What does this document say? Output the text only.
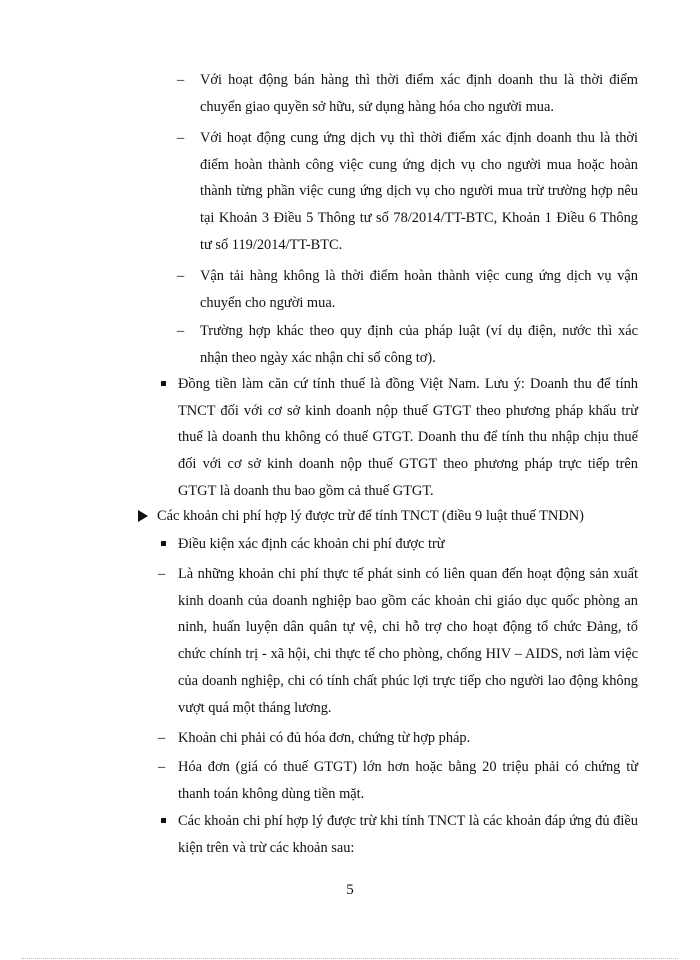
– Với hoạt động bán hàng thì thời điểm xác định doanh thu là thời điểm chuyển giao quyền sở hữu, sử dụng hàng hóa cho người mua.
– Với hoạt động cung ứng dịch vụ thì thời điểm xác định doanh thu là thời điểm hoàn thành công việc cung ứng dịch vụ cho người mua hoặc hoàn thành từng phần việc cung ứng dịch vụ cho người mua trừ trường hợp nêu tại Khoản 3 Điều 5 Thông tư số 78/2014/TT-BTC, Khoản 1 Điều 6 Thông tư số 119/2014/TT-BTC.
– Vận tải hàng không là thời điểm hoàn thành việc cung ứng dịch vụ vận chuyển cho người mua.
– Trường hợp khác theo quy định của pháp luật (ví dụ điện, nước thì xác nhận theo ngày xác nhận chỉ số công tơ).
Đồng tiền làm căn cứ tính thuế là đồng Việt Nam. Lưu ý: Doanh thu để tính TNCT đối với cơ sở kinh doanh nộp thuế GTGT theo phương pháp khấu trừ thuế là doanh thu không có thuế GTGT. Doanh thu để tính thu nhập chịu thuế đối với cơ sở kinh doanh nộp thuế GTGT theo phương pháp trực tiếp trên GTGT là doanh thu bao gồm cả thuế GTGT.
Các khoản chi phí hợp lý được trừ để tính TNCT (điều 9 luật thuế TNDN)
Điều kiện xác định các khoản chi phí được trừ
– Là những khoản chi phí thực tế phát sinh có liên quan đến hoạt động sản xuất kinh doanh của doanh nghiệp bao gồm các khoản chi giáo dục quốc phòng an ninh, huấn luyện dân quân tự vệ, chi hỗ trợ cho hoạt động tổ chức Đảng, tổ chức chính trị - xã hội, chi thực tế cho phòng, chống HIV – AIDS, nơi làm việc của doanh nghiệp, chi có tính chất phúc lợi trực tiếp cho người lao động không vượt quá một tháng lương.
– Khoản chi phải có đủ hóa đơn, chứng từ hợp pháp.
– Hóa đơn (giá có thuế GTGT) lớn hơn hoặc bằng 20 triệu phải có chứng từ thanh toán không dùng tiền mặt.
Các khoản chi phí hợp lý được trừ khi tính TNCT là các khoản đáp ứng đủ điều kiện trên và trừ các khoản sau:
5
